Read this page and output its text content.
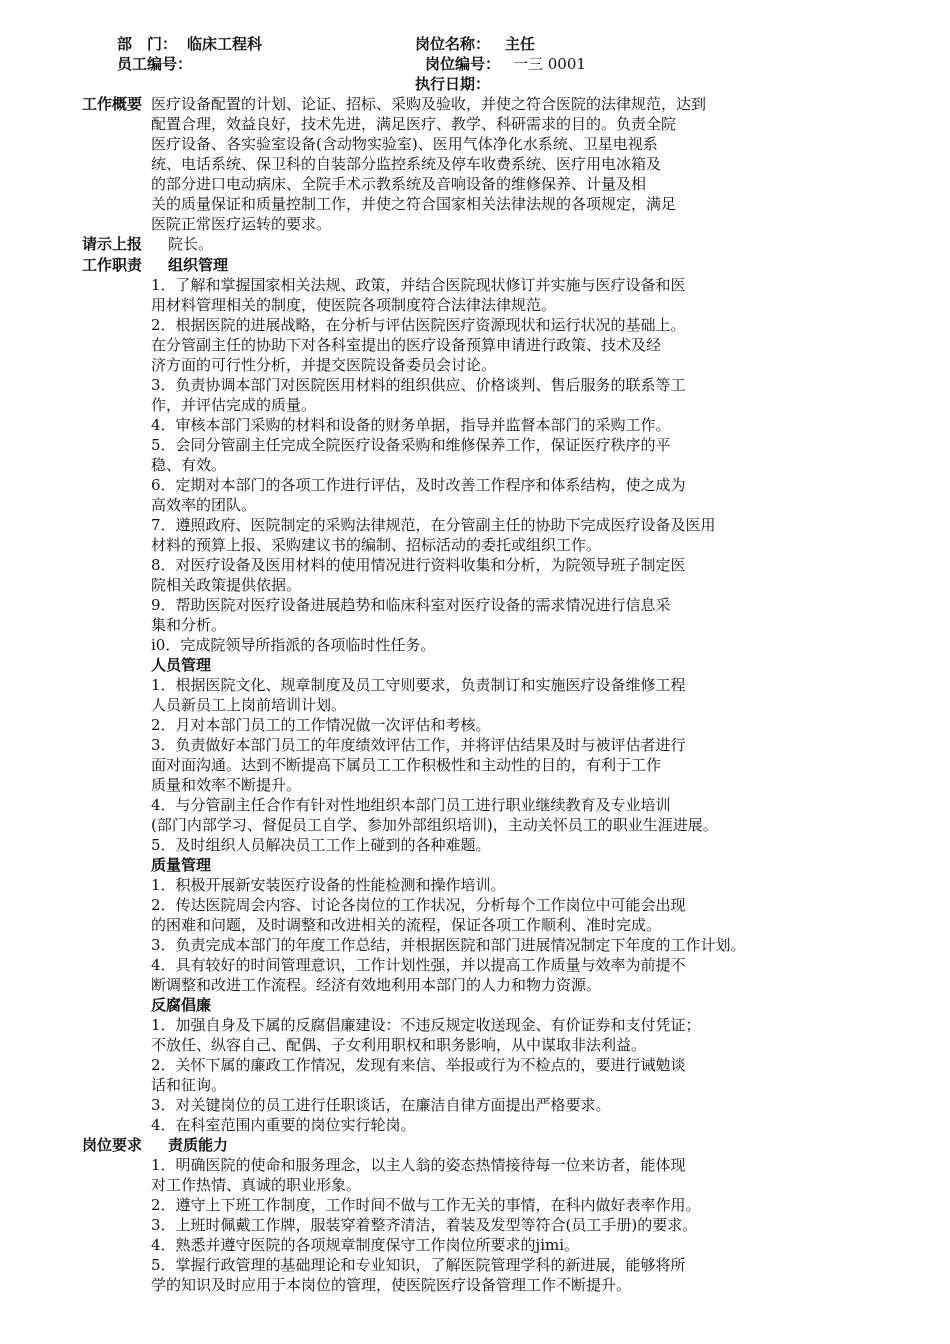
部　门： 临床工程科	岗位名称： 主任
员工编号：	岗位编号： 一三 0001
执行日期：
工作概要 医疗设备配置的计划、论证、招标、采购及验收，并使之符合医院的法律规范，达到
配置合理，效益良好，技术先进，满足医疗、教学、科研需求的目的。负责全院
医疗设备、各实验室设备(含动物实验室)、医用气体净化水系统、卫星电视系
统、电话系统、保卫科的自装部分监控系统及停车收费系统、医疗用电冰箱及
的部分进口电动病床、全院手术示教系统及音响设备的维修保养、计量及相
关的质量保证和质量控制工作，并使之符合国家相关法律法规的各项规定，满足
医院正常医疗运转的要求。
请示上报 院长。
工作职责 组织管理
1．了解和掌握国家相关法规、政策，并结合医院现状修订并实施与医疗设备和医
用材料管理相关的制度，使医院各项制度符合法律法律规范。
2．根据医院的进展战略，在分析与评估医院医疗资源现状和运行状况的基础上。
在分管副主任的协助下对各科室提出的医疗设备预算申请进行政策、技术及经
济方面的可行性分析，并提交医院设备委员会讨论。
3．负责协调本部门对医院医用材料的组织供应、价格谈判、售后服务的联系等工
作，并评估完成的质量。
4．审核本部门采购的材料和设备的财务单据，指导并监督本部门的采购工作。
5．会同分管副主任完成全院医疗设备采购和维修保养工作，保证医疗秩序的平
稳、有效。
6．定期对本部门的各项工作进行评估，及时改善工作程序和体系结构，使之成为
高效率的团队。
7．遵照政府、医院制定的采购法律规范，在分管副主任的协助下完成医疗设备及医用
材料的预算上报、采购建议书的编制、招标活动的委托或组织工作。
8．对医疗设备及医用材料的使用情况进行资料收集和分析，为院领导班子制定医
院相关政策提供依据。
9．帮助医院对医疗设备进展趋势和临床科室对医疗设备的需求情况进行信息采
集和分析。
i0．完成院领导所指派的各项临时性任务。
人员管理
1．根据医院文化、规章制度及员工守则要求，负责制订和实施医疗设备维修工程
人员新员工上岗前培训计划。
2．月对本部门员工的工作情况做一次评估和考核。
3．负责做好本部门员工的年度绩效评估工作，并将评估结果及时与被评估者进行
面对面沟通。达到不断提高下属员工工作积极性和主动性的目的，有利于工作
质量和效率不断提升。
4．与分管副主任合作有针对性地组织本部门员工进行职业继续教育及专业培训
(部门内部学习、督促员工自学、参加外部组织培训)，主动关怀员工的职业生涯进展。
5．及时组织人员解决员工工作上碰到的各种难题。
质量管理
1．积极开展新安装医疗设备的性能检测和操作培训。
2．传达医院周会内容、讨论各岗位的工作状况，分析每个工作岗位中可能会出现
的困难和问题，及时调整和改进相关的流程，保证各项工作顺利、准时完成。
3．负责完成本部门的年度工作总结，并根据医院和部门进展情况制定下年度的工作计划。
4．具有较好的时间管理意识，工作计划性强，并以提高工作质量与效率为前提不
断调整和改进工作流程。经济有效地利用本部门的人力和物力资源。
反腐倡廉
1．加强自身及下属的反腐倡廉建设：不违反规定收送现金、有价证券和支付凭证；
不放任、纵容自己、配偶、子女利用职权和职务影响，从中谋取非法利益。
2．关怀下属的廉政工作情况，发现有来信、举报或行为不检点的，要进行诫勉谈
话和征询。
3．对关键岗位的员工进行任职谈话，在廉洁自律方面提出严格要求。
4．在科室范围内重要的岗位实行轮岗。
岗位要求 责质能力
1．明确医院的使命和服务理念，以主人翁的姿态热情接待每一位来访者，能体现
对工作热情、真诚的职业形象。
2．遵守上下班工作制度，工作时间不做与工作无关的事情，在科内做好表率作用。
3．上班时佩戴工作牌，服装穿着整齐清洁，着装及发型等符合(员工手册)的要求。
4．熟悉并遵守医院的各项规章制度保守工作岗位所要求的jimi。
5．掌握行政管理的基础理论和专业知识，了解医院管理学科的新进展，能够将所
学的知识及时应用于本岗位的管理，使医院医疗设备管理工作不断提升。
